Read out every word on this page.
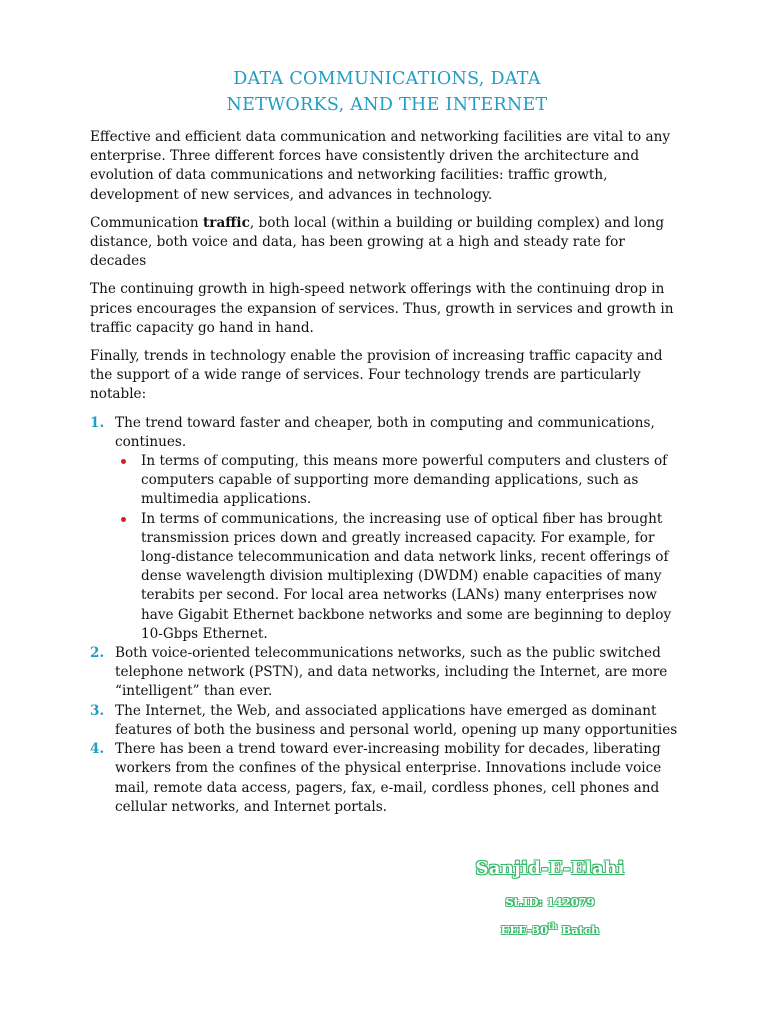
DATA COMMUNICATIONS, DATA
NETWORKS, AND THE INTERNET

Effective and efficient data communication and networking facilities are vital to any enterprise. Three different forces have consistently driven the architecture and evolution of data communications and networking facilities: traffic growth, development of new services, and advances in technology.

Communication traffic, both local (within a building or building complex) and long distance, both voice and data, has been growing at a high and steady rate for decades

The continuing growth in high-speed network offerings with the continuing drop in prices encourages the expansion of services. Thus, growth in services and growth in traffic capacity go hand in hand.

Finally, trends in technology enable the provision of increasing traffic capacity and the support of a wide range of services. Four technology trends are particularly notable:

1. The trend toward faster and cheaper, both in computing and communications, continues.
In terms of computing, this means more powerful computers and clusters of computers capable of supporting more demanding applications, such as multimedia applications.
In terms of communications, the increasing use of optical fiber has brought transmission prices down and greatly increased capacity. For example, for long-distance telecommunication and data network links, recent offerings of dense wavelength division multiplexing (DWDM) enable capacities of many terabits per second. For local area networks (LANs) many enterprises now have Gigabit Ethernet backbone networks and some are beginning to deploy 10-Gbps Ethernet.
2. Both voice-oriented telecommunications networks, such as the public switched telephone network (PSTN), and data networks, including the Internet, are more “intelligent” than ever.
3. The Internet, the Web, and associated applications have emerged as dominant features of both the business and personal world, opening up many opportunities
4. There has been a trend toward ever-increasing mobility for decades, liberating workers from the confines of the physical enterprise. Innovations include voice mail, remote data access, pagers, fax, e-mail, cordless phones, cell phones and cellular networks, and Internet portals.
Sanjid-E-Elahi
St.ID: 142079
EEE-30th Batch
